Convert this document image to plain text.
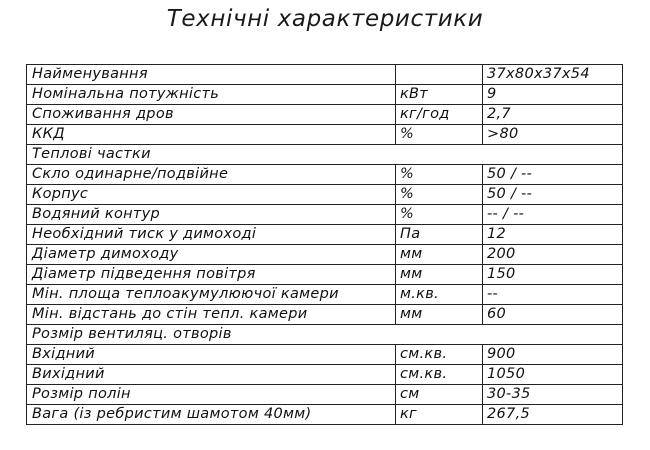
Технічні характеристики
Найменування		37x80x37x54
Номінальна потужність	кВт	9
Споживання дров	кг/год	2,7
ККД	%	>80
Теплові частки		
Скло одинарне/подвійне	%	50 / --
Корпус	%	50 / --
Водяний контур	%	-- / --
Необхідний тиск у димоході	Па	12
Діаметр димоходу	мм	200
Діаметр підведення повітря	мм	150
Мін. площа теплоакумулюючої камери	м.кв.	--
Мін. відстань до стін тепл. камери	мм	60
Розмір вентиляц. отворів		
Вхідний	см.кв.	900
Вихідний	см.кв.	1050
Розмір полін	см	30-35
Вага (із ребристим шамотом 40мм)	кг	267,5
